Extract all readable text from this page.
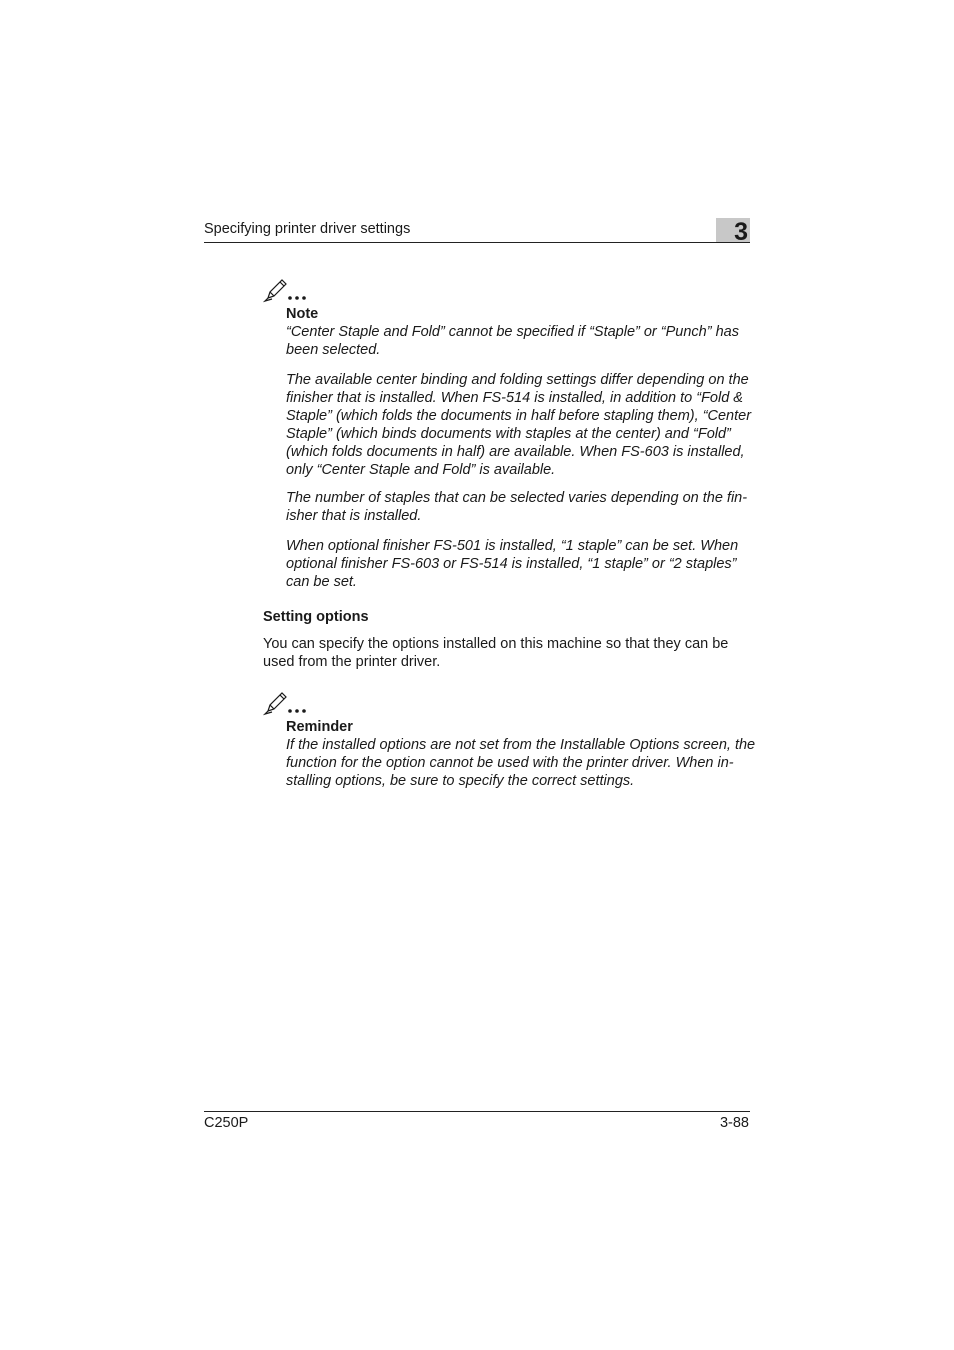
Specifying printer driver settings	3
Note
“Center Staple and Fold” cannot be specified if “Staple” or “Punch” has
been selected.
The available center binding and folding settings differ depending on the
finisher that is installed. When FS-514 is installed, in addition to “Fold &
Staple” (which folds the documents in half before stapling them), “Center
Staple” (which binds documents with staples at the center) and “Fold”
(which folds documents in half) are available. When FS-603 is installed,
only “Center Staple and Fold” is available.
The number of staples that can be selected varies depending on the fin-
isher that is installed.
When optional finisher FS-501 is installed, “1 staple” can be set. When
optional finisher FS-603 or FS-514 is installed, “1 staple” or “2 staples”
can be set.
Setting options
You can specify the options installed on this machine so that they can be
used from the printer driver.
Reminder
If the installed options are not set from the Installable Options screen, the
function for the option cannot be used with the printer driver. When in-
stalling options, be sure to specify the correct settings.
C250P	3-88
